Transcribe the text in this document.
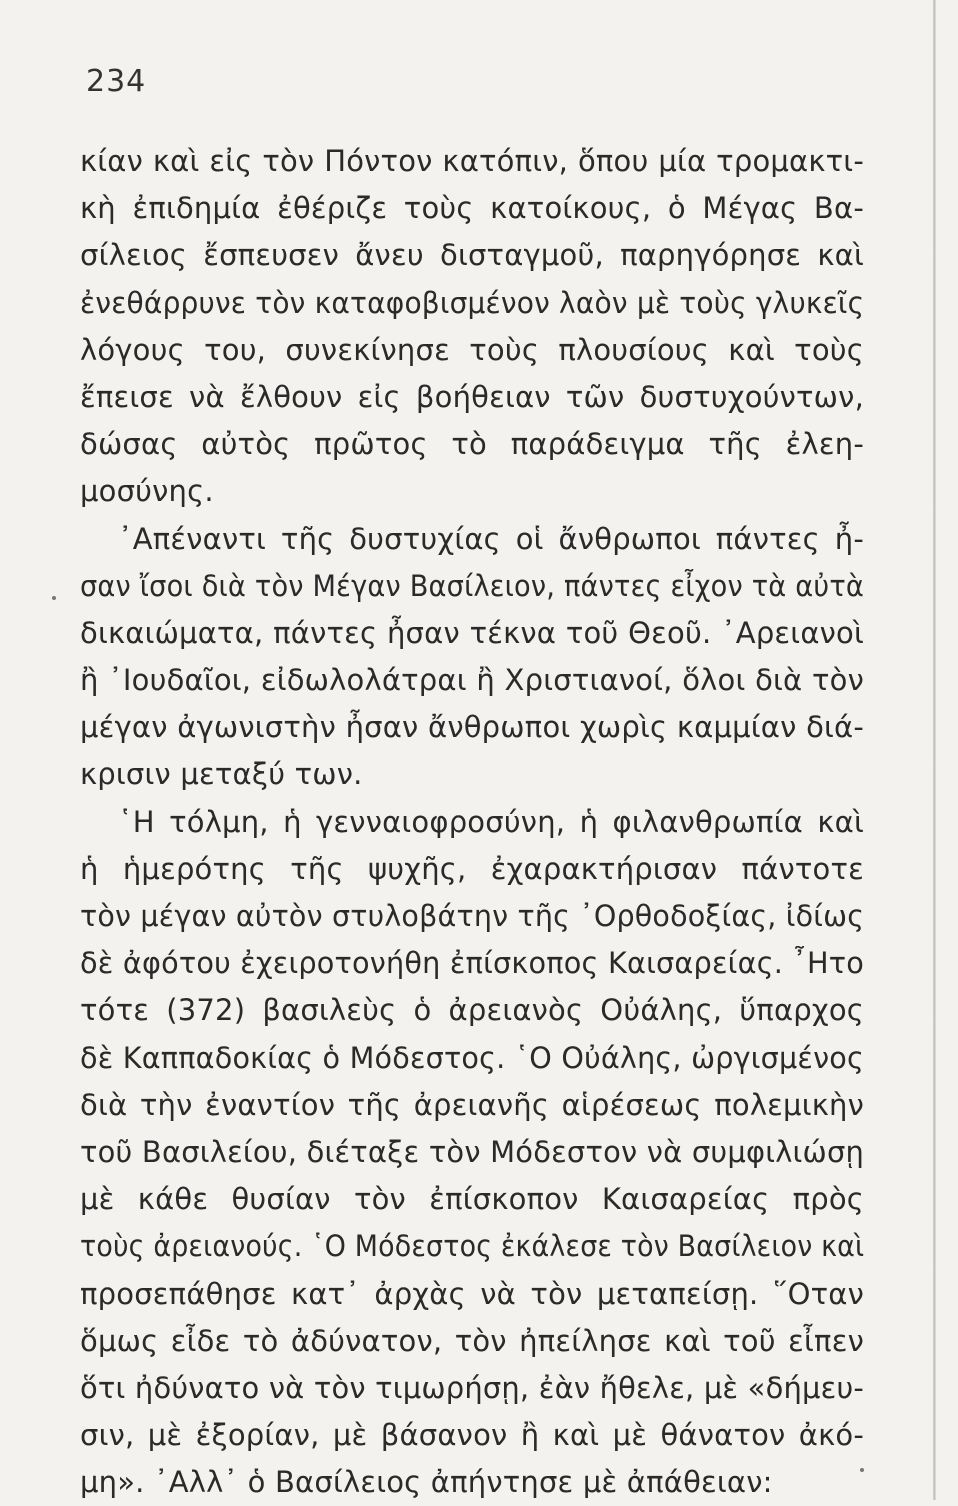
234
κίαν καὶ εἰς τὸν Πόντον κατόπιν, ὅπου μία τρομακτι-
κὴ ἐπιδημία ἐθέριζε τοὺς κατοίκους, ὁ Μέγας Βα-
σίλειος ἔσπευσεν ἄνευ δισταγμοῦ, παρηγόρησε καὶ
ἐνεθάρρυνε τὸν καταφοβισμένον λαὸν μὲ τοὺς γλυκεῖς
λόγους του, συνεκίνησε τοὺς πλουσίους καὶ τοὺς
ἔπεισε νὰ ἔλθουν εἰς βοήθειαν τῶν δυστυχούντων,
δώσας αὐτὸς πρῶτος τὸ παράδειγμα τῆς ἐλεη-
μοσύνης.
᾿Απέναντι τῆς δυστυχίας οἱ ἄνθρωποι πάντες ἦ-
σαν ἴσοι διὰ τὸν Μέγαν Βασίλειον, πάντες εἶχον τὰ αὐτὰ
δικαιώματα, πάντες ἦσαν τέκνα τοῦ Θεοῦ. ᾿Αρειανοὶ
ἢ ᾿Ιουδαῖοι, εἰδωλολάτραι ἢ Χριστιανοί, ὅλοι διὰ τὸν
μέγαν ἀγωνιστὴν ἦσαν ἄνθρωποι χωρὶς καμμίαν διά-
κρισιν μεταξύ των.
῾Η τόλμη, ἡ γενναιοφροσύνη, ἡ φιλανθρωπία καὶ
ἡ ἡμερότης τῆς ψυχῆς, ἐχαρακτήρισαν πάντοτε
τὸν μέγαν αὐτὸν στυλοβάτην τῆς ᾿Ορθοδοξίας, ἰδίως
δὲ ἀφότου ἐχειροτονήθη ἐπίσκοπος Καισαρείας. ῏Ητο
τότε (372) βασιλεὺς ὁ ἀρειανὸς Οὐάλης, ὕπαρχος
δὲ Καππαδοκίας ὁ Μόδεστος. ῾Ο Οὐάλης, ὠργισμένος
διὰ τὴν ἐναντίον τῆς ἀρειανῆς αἱρέσεως πολεμικὴν
τοῦ Βασιλείου, διέταξε τὸν Μόδεστον νὰ συμφιλιώσῃ
μὲ κάθε θυσίαν τὸν ἐπίσκοπον Καισαρείας πρὸς
τοὺς ἀρειανούς. ῾Ο Μόδεστος ἐκάλεσε τὸν Βασίλειον καὶ
προσεπάθησε κατ᾿ ἀρχὰς νὰ τὸν μεταπείσῃ. ῞Οταν
ὅμως εἶδε τὸ ἀδύνατον, τὸν ἠπείλησε καὶ τοῦ εἶπεν
ὅτι ἠδύνατο νὰ τὸν τιμωρήσῃ, ἐὰν ἤθελε, μὲ «δήμευ-
σιν, μὲ ἐξορίαν, μὲ βάσανον ἢ καὶ μὲ θάνατον ἀκό-
μη». ᾿Αλλ᾿ ὁ Βασίλειος ἀπήντησε μὲ ἀπάθειαν:
